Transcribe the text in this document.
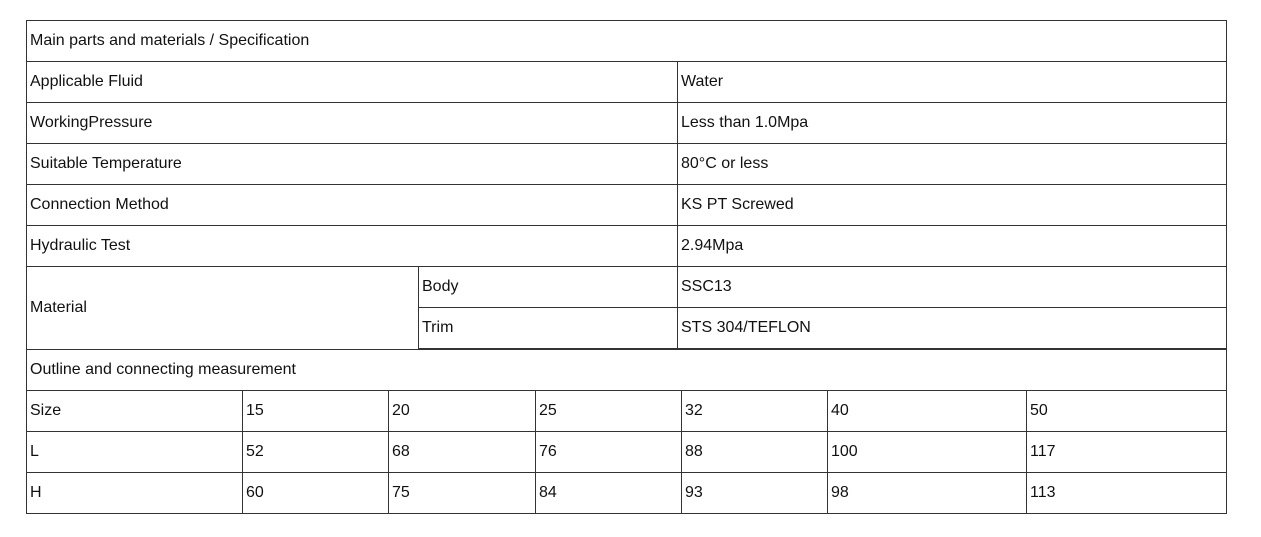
Main parts and materials / Specification		
Applicable Fluid		Water
WorkingPressure		Less than 1.0Mpa
Suitable Temperature		80°C or less
Connection Method		KS PT Screwed
Hydraulic Test		2.94Mpa
Material	Body	SSC13
	Trim	STS 304/TEFLON
Outline and connecting measurement						
Size	15	20	25	32	40	50
L	52	68	76	88	100	117
H	60	75	84	93	98	113
